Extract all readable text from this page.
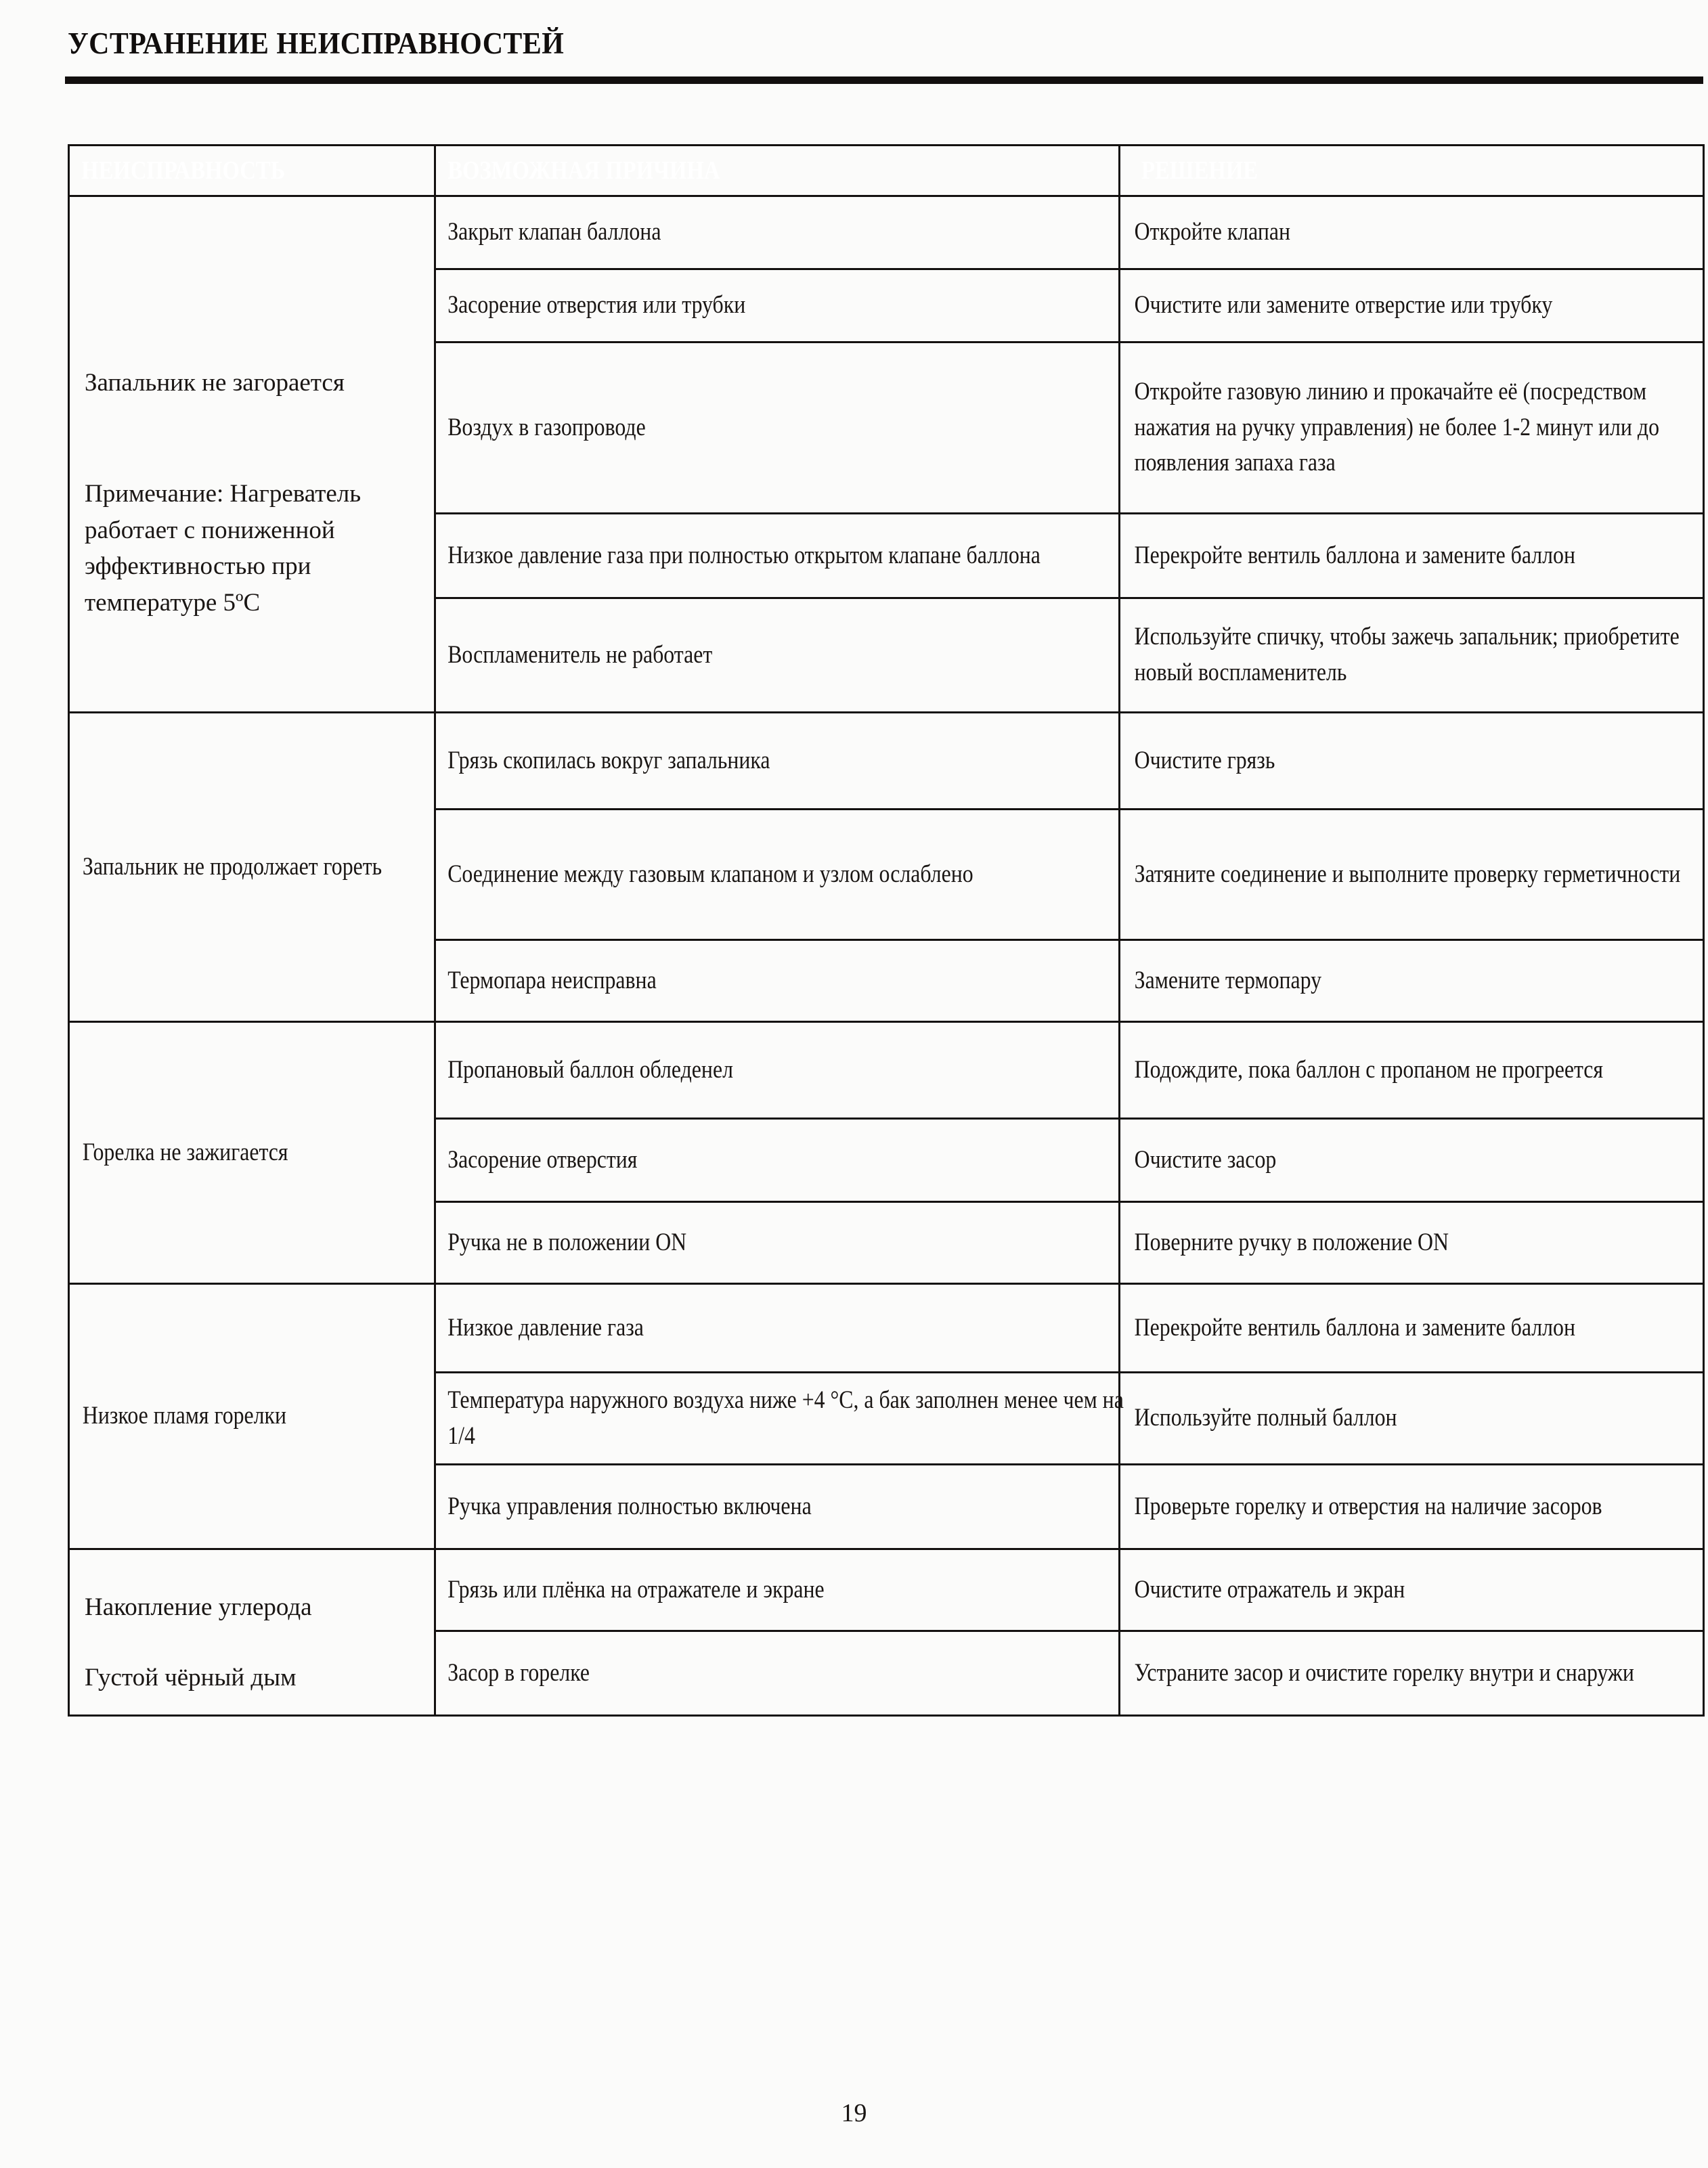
УСТРАНЕНИЕ НЕИСПРАВНОСТЕЙ
НЕИСПРАВНОСТЬ	ВОЗМОЖНАЯ ПРИЧИНА	РЕШЕНИЕ

Запальник не загораeтся
Примечание: Нагреватель работает с пониженной эффективностью при температуре 5ºC	Закрыт клапан баллона	Откройте клапан

	Засорение отверстия или трубки	Очистите или замените отверстие или трубку

	Воздух в газопроводе	Откройте газовую линию и прокачайте её (посредством нажатия на ручку управления) не более 1-2 минут или до появления запаха газа

	Низкое давление газа при полностью открытом клапане баллона	Перекройте вентиль баллона и замените баллон

	Воспламенитель не работает	Используйте спичку, чтобы зажечь запальник; приобретите новый воспламенитель

Запальник не продолжает гореть	Грязь скопилась вокруг запальника	Очистите грязь

	Соединение между газовым клапаном и узлом ослаблено	Затяните соединение и выполните проверку герметичности

	Термопара неисправна	Замените термопару

Горелка не зажигается	Пропановый баллон обледенел	Подождите, пока баллон с пропаном не прогреется

	Засорение отверстия	Очистите засор

	Ручка не в положении ON	Поверните ручку в положение ON

Низкое пламя горелки	Низкое давление газа	Перекройте вентиль баллона и замените баллон

	Температура наружного воздуха ниже +4 °C, а бак заполнен менее чем на 1/4	Используйте полный баллон

	Ручка управления полностью включена	Проверьте горелку и отверстия на наличие засоров

Накопление углерода
Густой чёрный дым	Грязь или плёнка на отражателе и экране	Очистите отражатель и экран

	Засор в горелке	Устраните засор и очистите горелку внутри и снаружи
19
